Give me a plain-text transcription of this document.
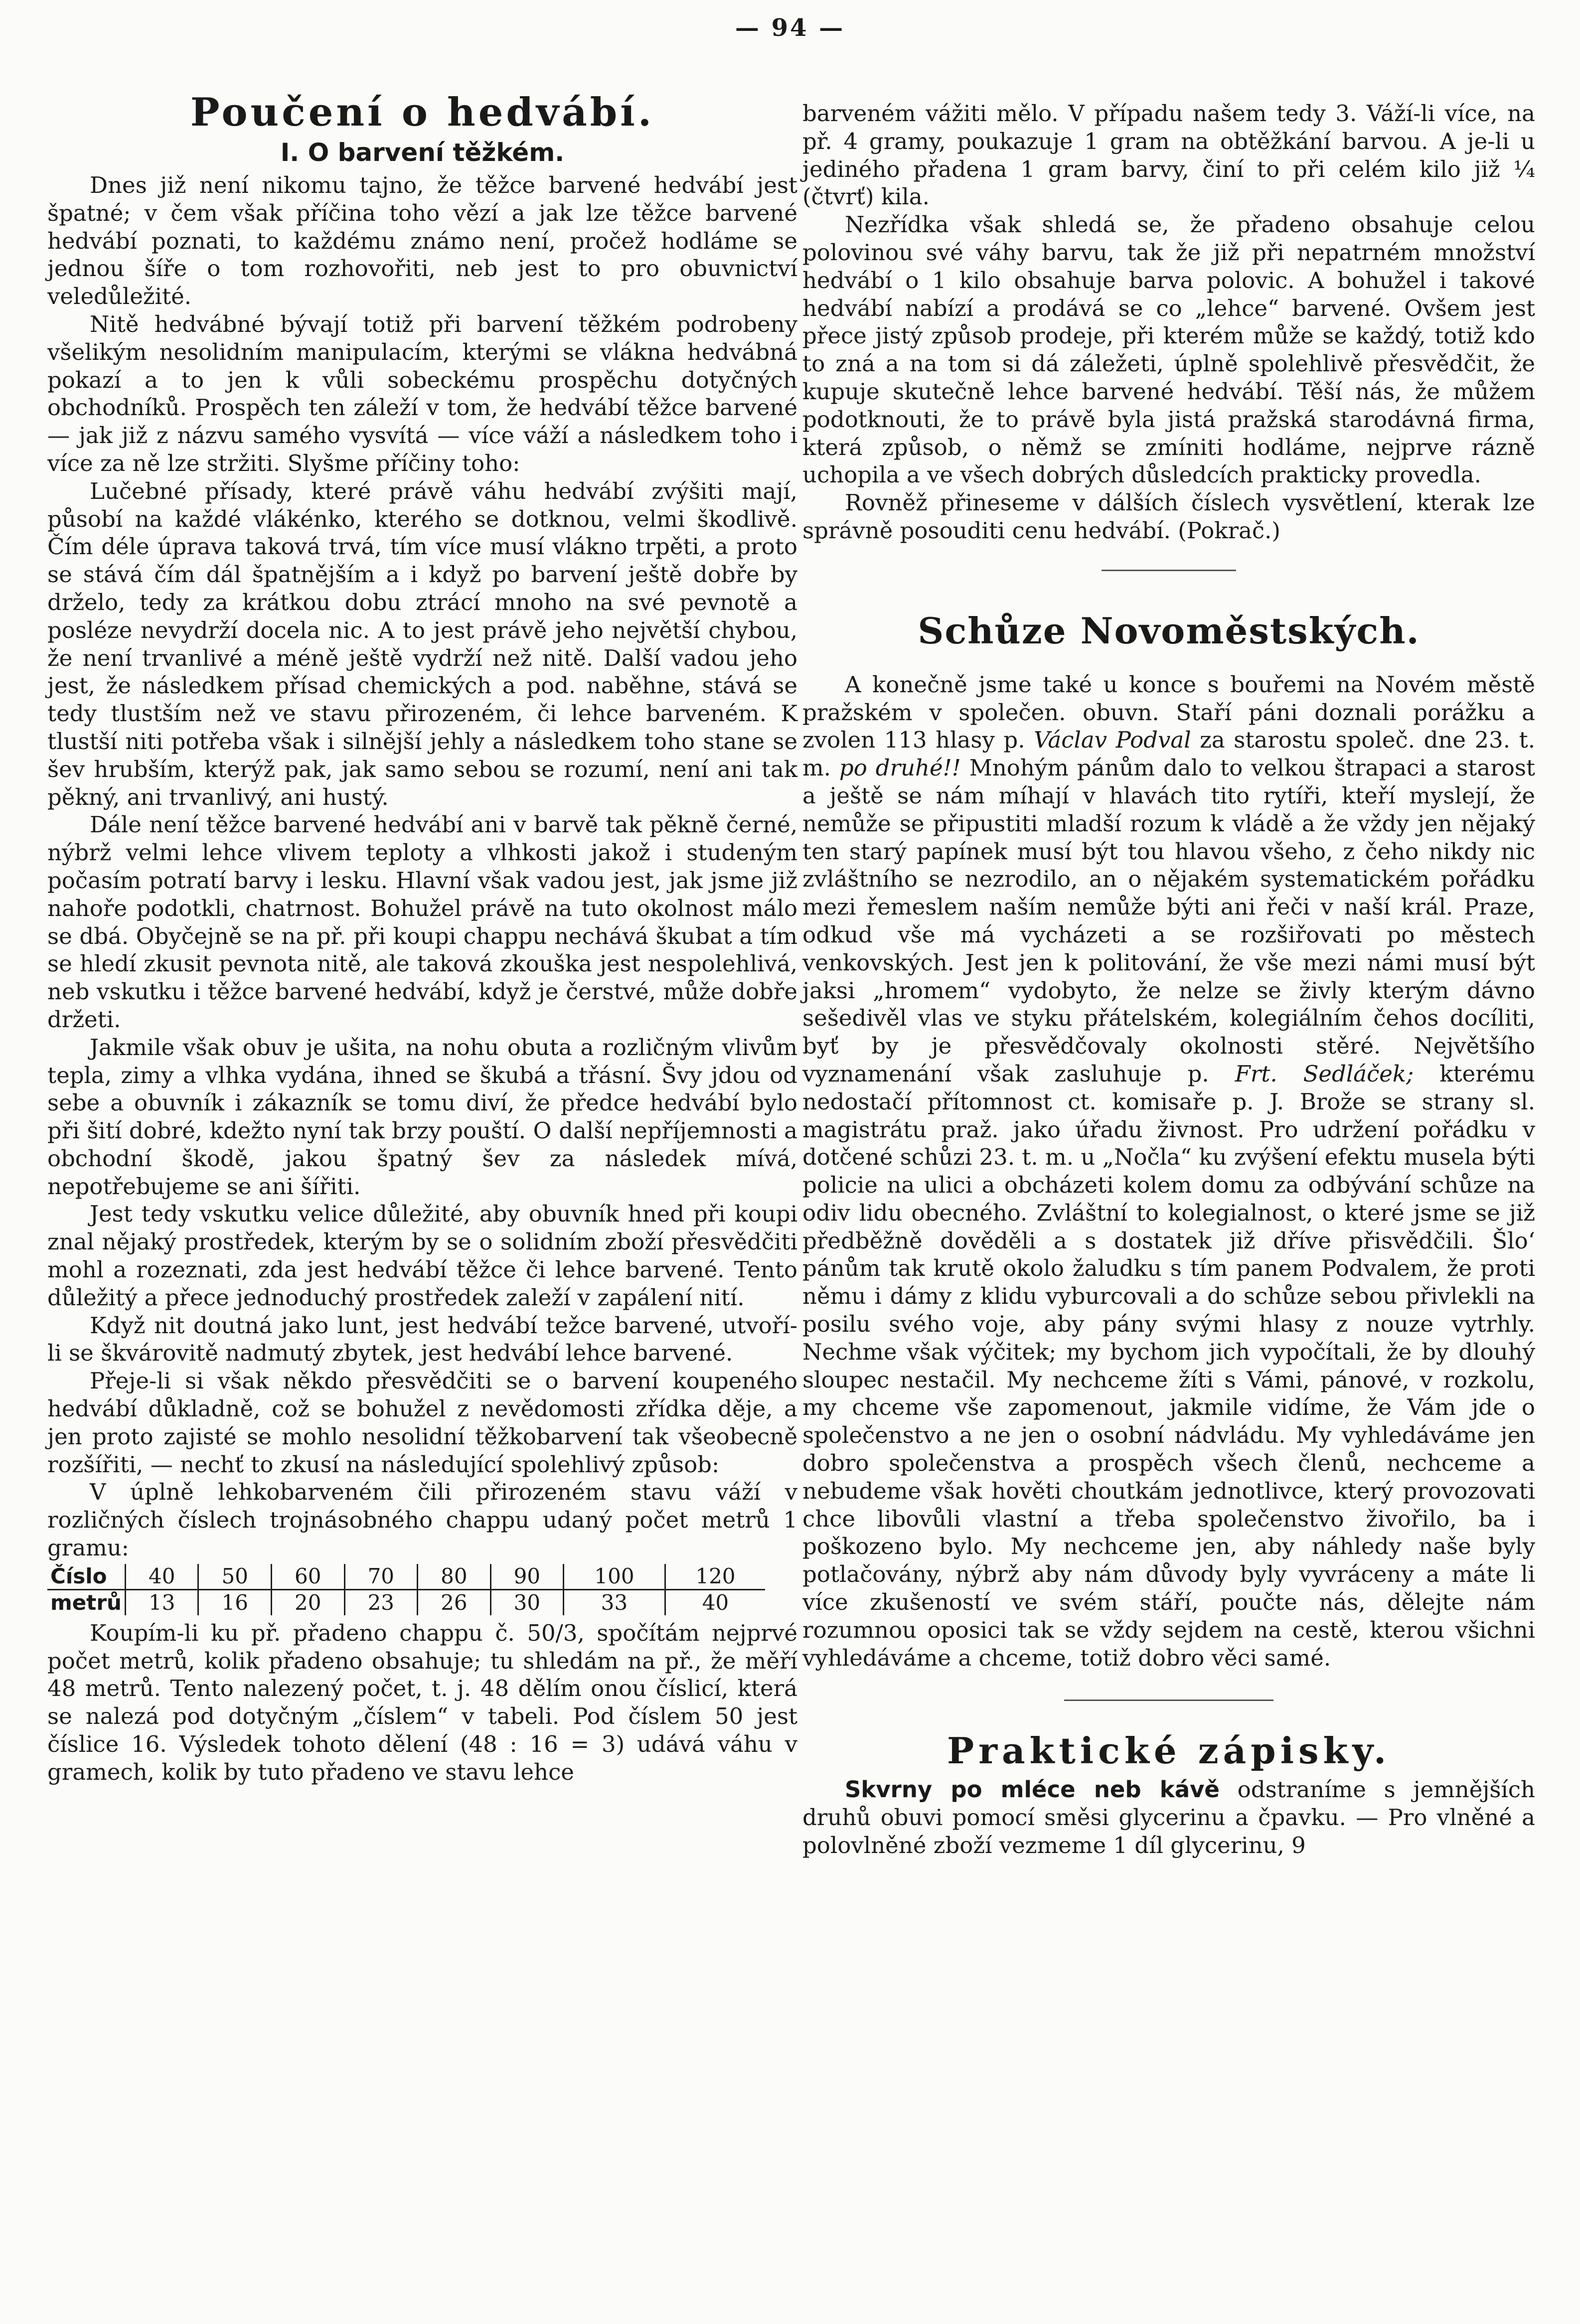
— 94 —
Poučení o hedvábí.
I. O barvení těžkém.

Dnes již není nikomu tajno, že těžce barvené hedvábí jest špatné; v čem však příčina toho vězí a jak lze těžce barvené hedvábí poznati, to každému známo není, pročež hodláme se jednou šíře o tom rozhovořiti, neb jest to pro obuvnictví veledůležité.

Nitě hedvábné bývají totiž při barvení těžkém podrobeny všelikým nesolidním manipulacím, kterými se vlákna hedvábná pokazí a to jen k vůli sobeckému prospěchu dotyčných obchodníků. Prospěch ten záleží v tom, že hedvábí těžce barvené — jak již z názvu samého vysvítá — více váží a následkem toho i více za ně lze stržiti. Slyšme příčiny toho:

Lučebné přísady, které právě váhu hedvábí zvýšiti mají, působí na každé vlákénko, kterého se dotknou, velmi škodlivě. Čím déle úprava taková trvá, tím více musí vlákno trpěti, a proto se stává čím dál špatnějším a i když po barvení ještě dobře by drželo, tedy za krátkou dobu ztrácí mnoho na své pevnotě a posléze nevydrží docela nic. A to jest právě jeho největší chybou, že není trvanlivé a méně ještě vydrží než nitě. Další vadou jeho jest, že následkem přísad chemických a pod. naběhne, stává se tedy tlustším než ve stavu přirozeném, či lehce barveném. K tlustší niti potřeba však i silnější jehly a následkem toho stane se šev hrubším, kterýž pak, jak samo sebou se rozumí, není ani tak pěkný, ani trvanlivý, ani hustý.

Dále není těžce barvené hedvábí ani v barvě tak pěkně černé, nýbrž velmi lehce vlivem teploty a vlhkosti jakož i studeným počasím potratí barvy i lesku. Hlavní však vadou jest, jak jsme již nahoře podotkli, chatrnost. Bohužel právě na tuto okolnost málo se dbá. Obyčejně se na př. při koupi chappu nechává škubat a tím se hledí zkusit pevnota nitě, ale taková zkouška jest nespolehlivá, neb vskutku i těžce barvené hedvábí, když je čerstvé, může dobře držeti.

Jakmile však obuv je ušita, na nohu obuta a rozličným vlivům tepla, zimy a vlhka vydána, ihned se škubá a třásní. Švy jdou od sebe a obuvník i zákazník se tomu diví, že předce hedvábí bylo při šití dobré, kdežto nyní tak brzy pouští. O další nepříjemnosti a obchodní škodě, jakou špatný šev za následek mívá, nepotřebujeme se ani šířiti.

Jest tedy vskutku velice důležité, aby obuvník hned při koupi znal nějaký prostředek, kterým by se o solidním zboží přesvědčiti mohl a rozeznati, zda jest hedvábí těžce či lehce barvené. Tento důležitý a přece jednoduchý prostředek zaleží v zapálení nití.

Když nit doutná jako lunt, jest hedvábí težce barvené, utvoří-li se škvárovitě nadmutý zbytek, jest hedvábí lehce barvené.

Přeje-li si však někdo přesvědčiti se o barvení koupeného hedvábí důkladně, což se bohužel z nevědomosti zřídka děje, a jen proto zajisté se mohlo nesolidní těžkobarvení tak všeobecně rozšířiti, — nechť to zkusí na následující spolehlivý způsob:

V úplně lehkobarveném čili přirozeném stavu váží v rozličných číslech trojnásobného chappu udaný počet metrů 1 gramu:

Číslo	40	50	60	70	80	90	100	120
metrů	13	16	20	23	26	30	33	40

Koupím-li ku př. přadeno chappu č. 50/3, spočítám nejprvé počet metrů, kolik přadeno obsahuje; tu shledám na př., že měří 48 metrů. Tento nalezený počet, t. j. 48 dělím onou číslicí, která se nalezá pod dotyčným „číslem“ v tabeli. Pod číslem 50 jest číslice 16. Výsledek tohoto dělení (48 : 16 = 3) udává váhu v gramech, kolik by tuto přadeno ve stavu lehce

barveném vážiti mělo. V případu našem tedy 3. Váží-li více, na př. 4 gramy, poukazuje 1 gram na obtěžkání barvou. A je-li u jediného přadena 1 gram barvy, činí to při celém kilo již ¼ (čtvrť) kila.

Nezřídka však shledá se, že přadeno obsahuje celou polovinou své váhy barvu, tak že již při nepatrném množství hedvábí o 1 kilo obsahuje barva polovic. A bohužel i takové hedvábí nabízí a prodává se co „lehce“ barvené. Ovšem jest přece jistý způsob prodeje, při kterém může se každý, totiž kdo to zná a na tom si dá záležeti, úplně spolehlivě přesvědčit, že kupuje skutečně lehce barvené hedvábí. Těší nás, že můžem podotknouti, že to právě byla jistá pražská starodávná firma, která způsob, o němž se zmíniti hodláme, nejprve rázně uchopila a ve všech dobrých důsledcích prakticky provedla.

Rovněž přineseme v dálších číslech vysvětlení, kterak lze správně posouditi cenu hedvábí. (Pokrač.)

Schůze Novoměstských.

A konečně jsme také u konce s bouřemi na Novém městě pražském v společen. obuvn. Staří páni doznali porážku a zvolen 113 hlasy p. Václav Podval za starostu společ. dne 23. t. m. po druhé!! Mnohým pánům dalo to velkou štrapaci a starost a ještě se nám míhají v hlavách tito rytíři, kteří myslejí, že nemůže se připustiti mladší rozum k vládě a že vždy jen nějaký ten starý papínek musí být tou hlavou všeho, z čeho nikdy nic zvláštního se nezrodilo, an o nějakém systematickém pořádku mezi řemeslem naším nemůže býti ani řeči v naší král. Praze, odkud vše má vycházeti a se rozšiřovati po městech venkovských. Jest jen k politování, že vše mezi námi musí být jaksi „hromem“ vydobyto, že nelze se živly kterým dávno sešedivěl vlas ve styku přátelském, kolegiálním čehos docíliti, byť by je přesvědčovaly okolnosti stěré. Největšího vyznamenání však zasluhuje p. Frt. Sedláček; kterému nedostačí přítomnost ct. komisaře p. J. Brože se strany sl. magistrátu praž. jako úřadu živnost. Pro udržení pořádku v dotčené schůzi 23. t. m. u „Nočla“ ku zvýšení efektu musela býti policie na ulici a obcházeti kolem domu za odbývání schůze na odiv lidu obecného. Zvláštní to kolegialnost, o které jsme se již předběžně dověděli a s dostatek již dříve přisvědčili. Šlo‘ pánům tak krutě okolo žaludku s tím panem Podvalem, že proti němu i dámy z klidu vyburcovali a do schůze sebou přivlekli na posilu svého voje, aby pány svými hlasy z nouze vytrhly. Nechme však výčitek; my bychom jich vypočítali, že by dlouhý sloupec nestačil. My nechceme žíti s Vámi, pánové, v rozkolu, my chceme vše zapomenout, jakmile vidíme, že Vám jde o společenstvo a ne jen o osobní nádvládu. My vyhledáváme jen dobro společenstva a prospěch všech členů, nechceme a nebudeme však hověti choutkám jednotlivce, který provozovati chce libovůli vlastní a třeba společenstvo živořilo, ba i poškozeno bylo. My nechceme jen, aby náhledy naše byly potlačovány, nýbrž aby nám důvody byly vyvráceny a máte li více zkušeností ve svém stáří, poučte nás, dělejte nám rozumnou oposici tak se vždy sejdem na cestě, kterou všichni vyhledáváme a chceme, totiž dobro věci samé.

Praktické zápisky.

Skvrny po mléce neb kávě odstraníme s jemnějších druhů obuvi pomocí směsi glycerinu a čpavku. — Pro vlněné a polovlněné zboží vezmeme 1 díl glycerinu, 9
